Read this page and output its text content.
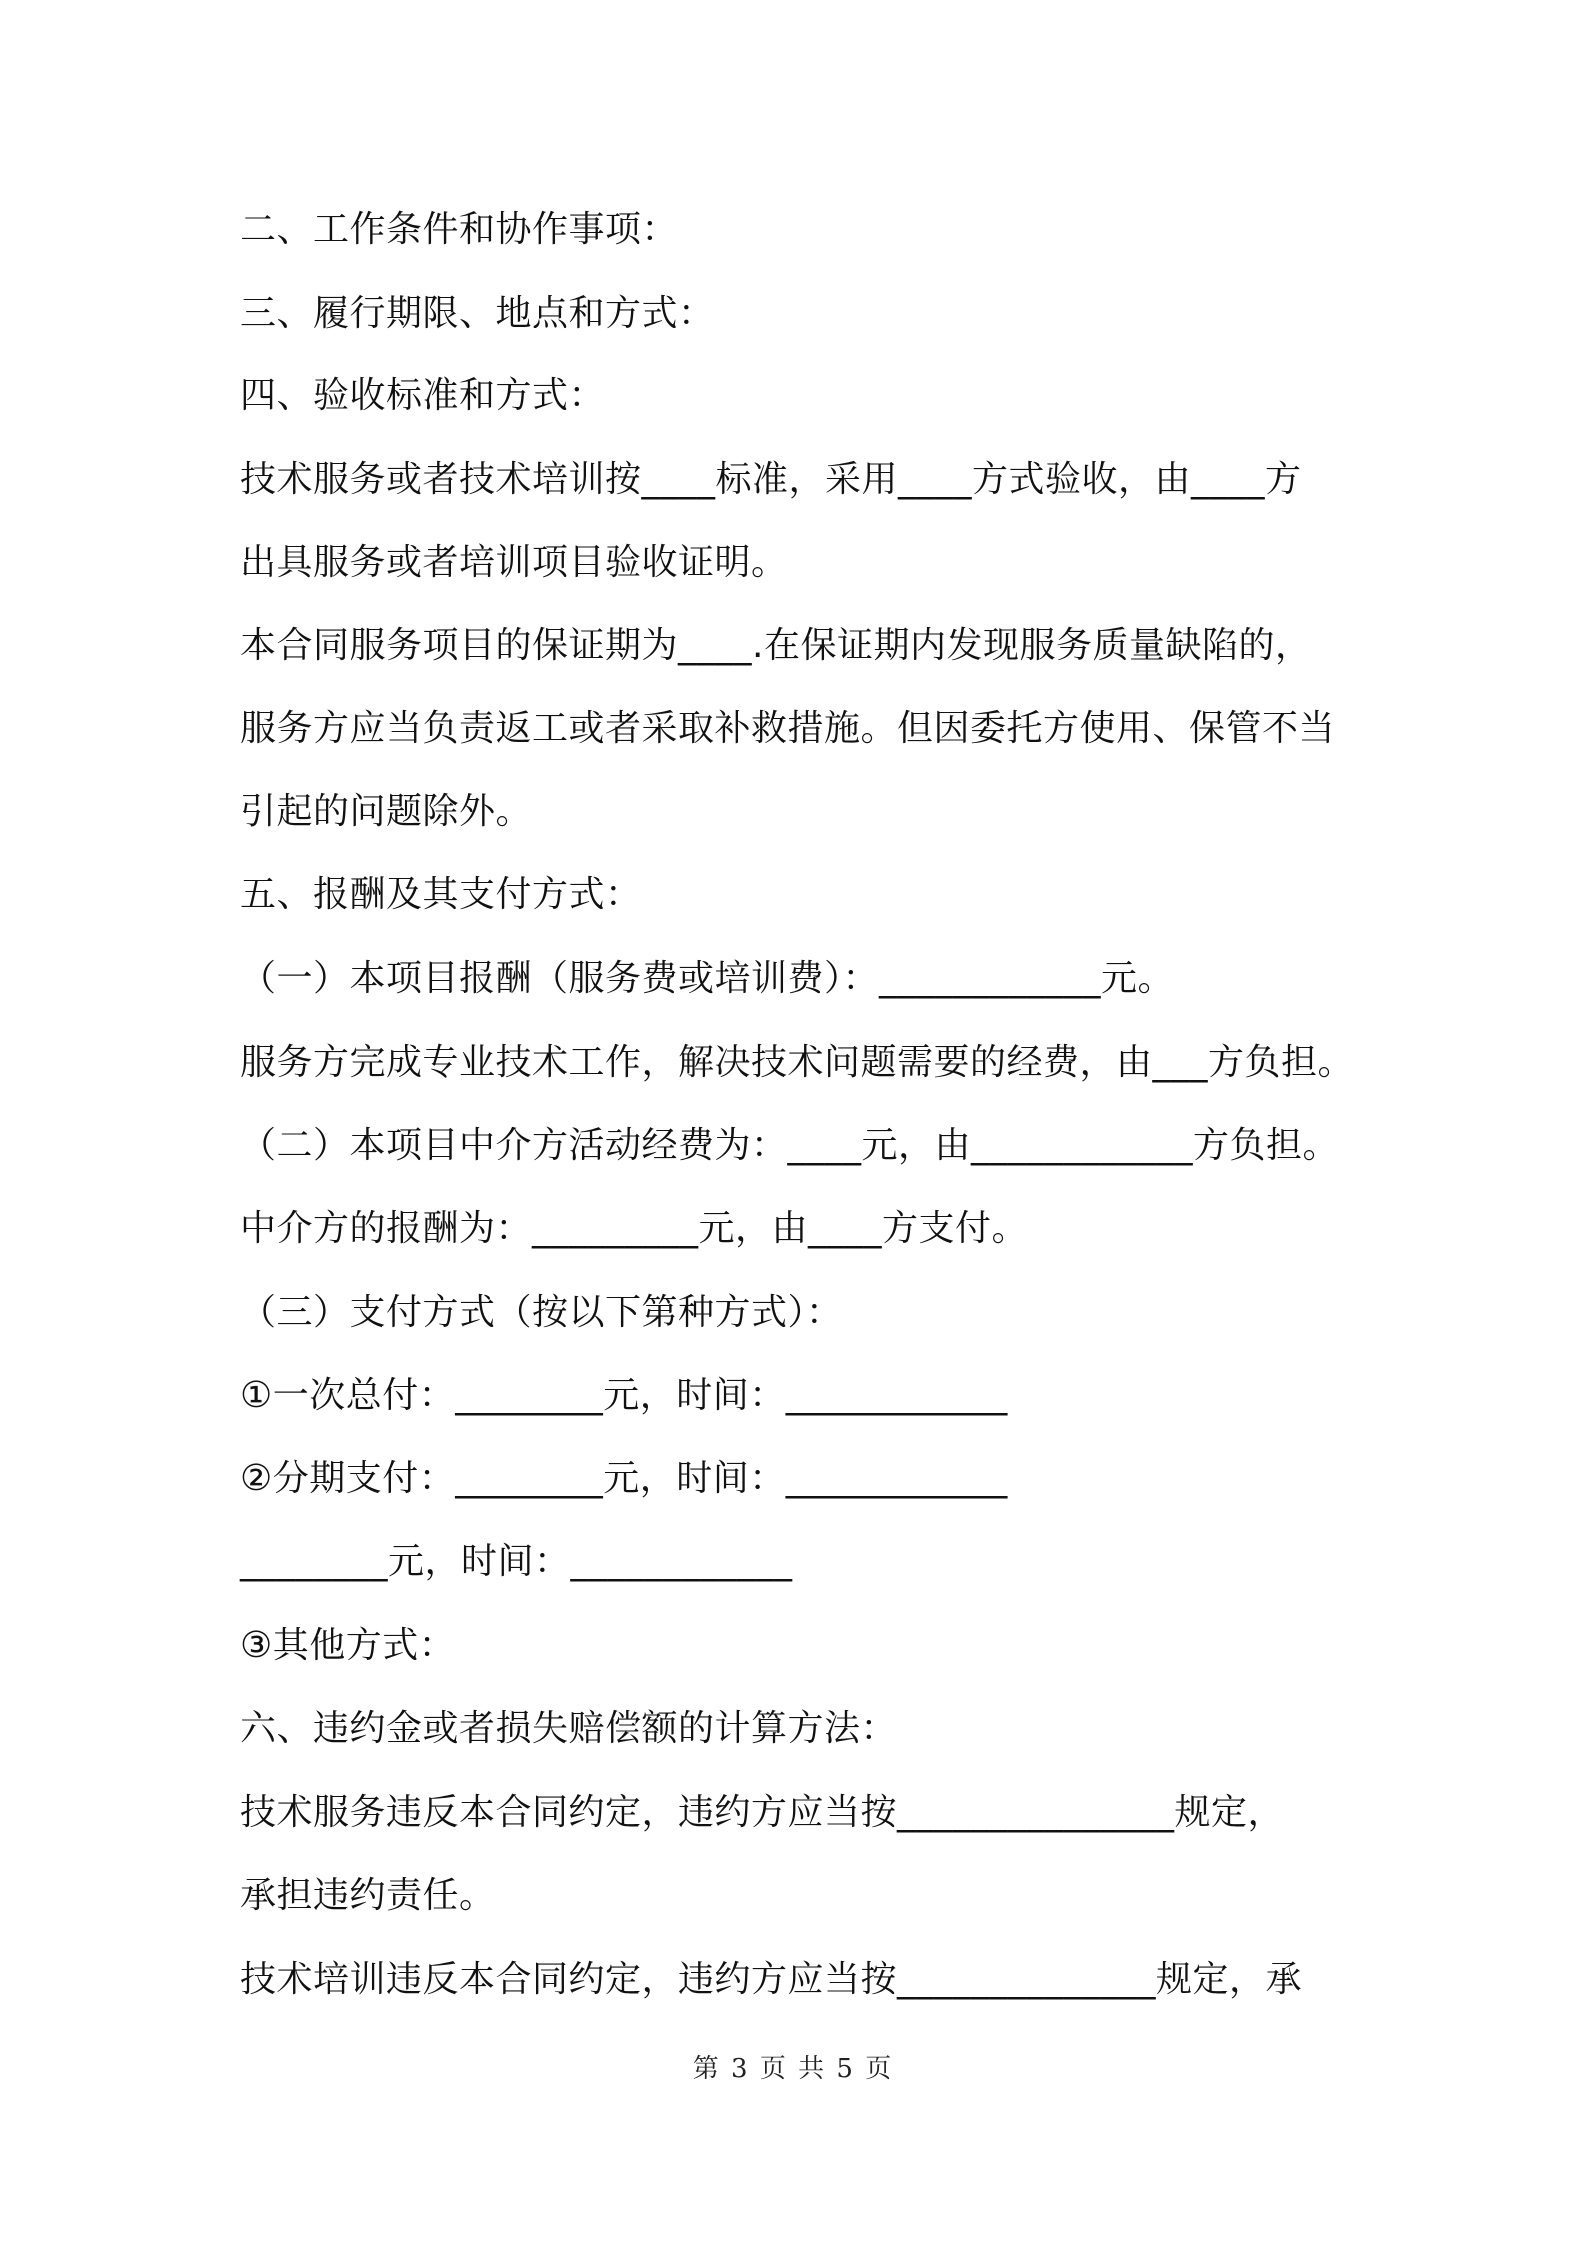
二、工作条件和协作事项：
三、履行期限、地点和方式：
四、验收标准和方式：
技术服务或者技术培训按____标准，采用____方式验收，由____方
出具服务或者培训项目验收证明。
本合同服务项目的保证期为____.在保证期内发现服务质量缺陷的，
服务方应当负责返工或者采取补救措施。但因委托方使用、保管不当
引起的问题除外。
五、报酬及其支付方式：
（一）本项目报酬（服务费或培训费）：____________元。
服务方完成专业技术工作，解决技术问题需要的经费，由___方负担。
（二）本项目中介方活动经费为：____元，由____________方负担。
中介方的报酬为：_________元，由____方支付。
（三）支付方式（按以下第种方式）：
①一次总付：________元，时间：____________
②分期支付：________元，时间：____________
________元，时间：____________
③其他方式：
六、违约金或者损失赔偿额的计算方法：
技术服务违反本合同约定，违约方应当按_______________规定，
承担违约责任。
技术培训违反本合同约定，违约方应当按______________规定，承
第 3 页 共 5 页
